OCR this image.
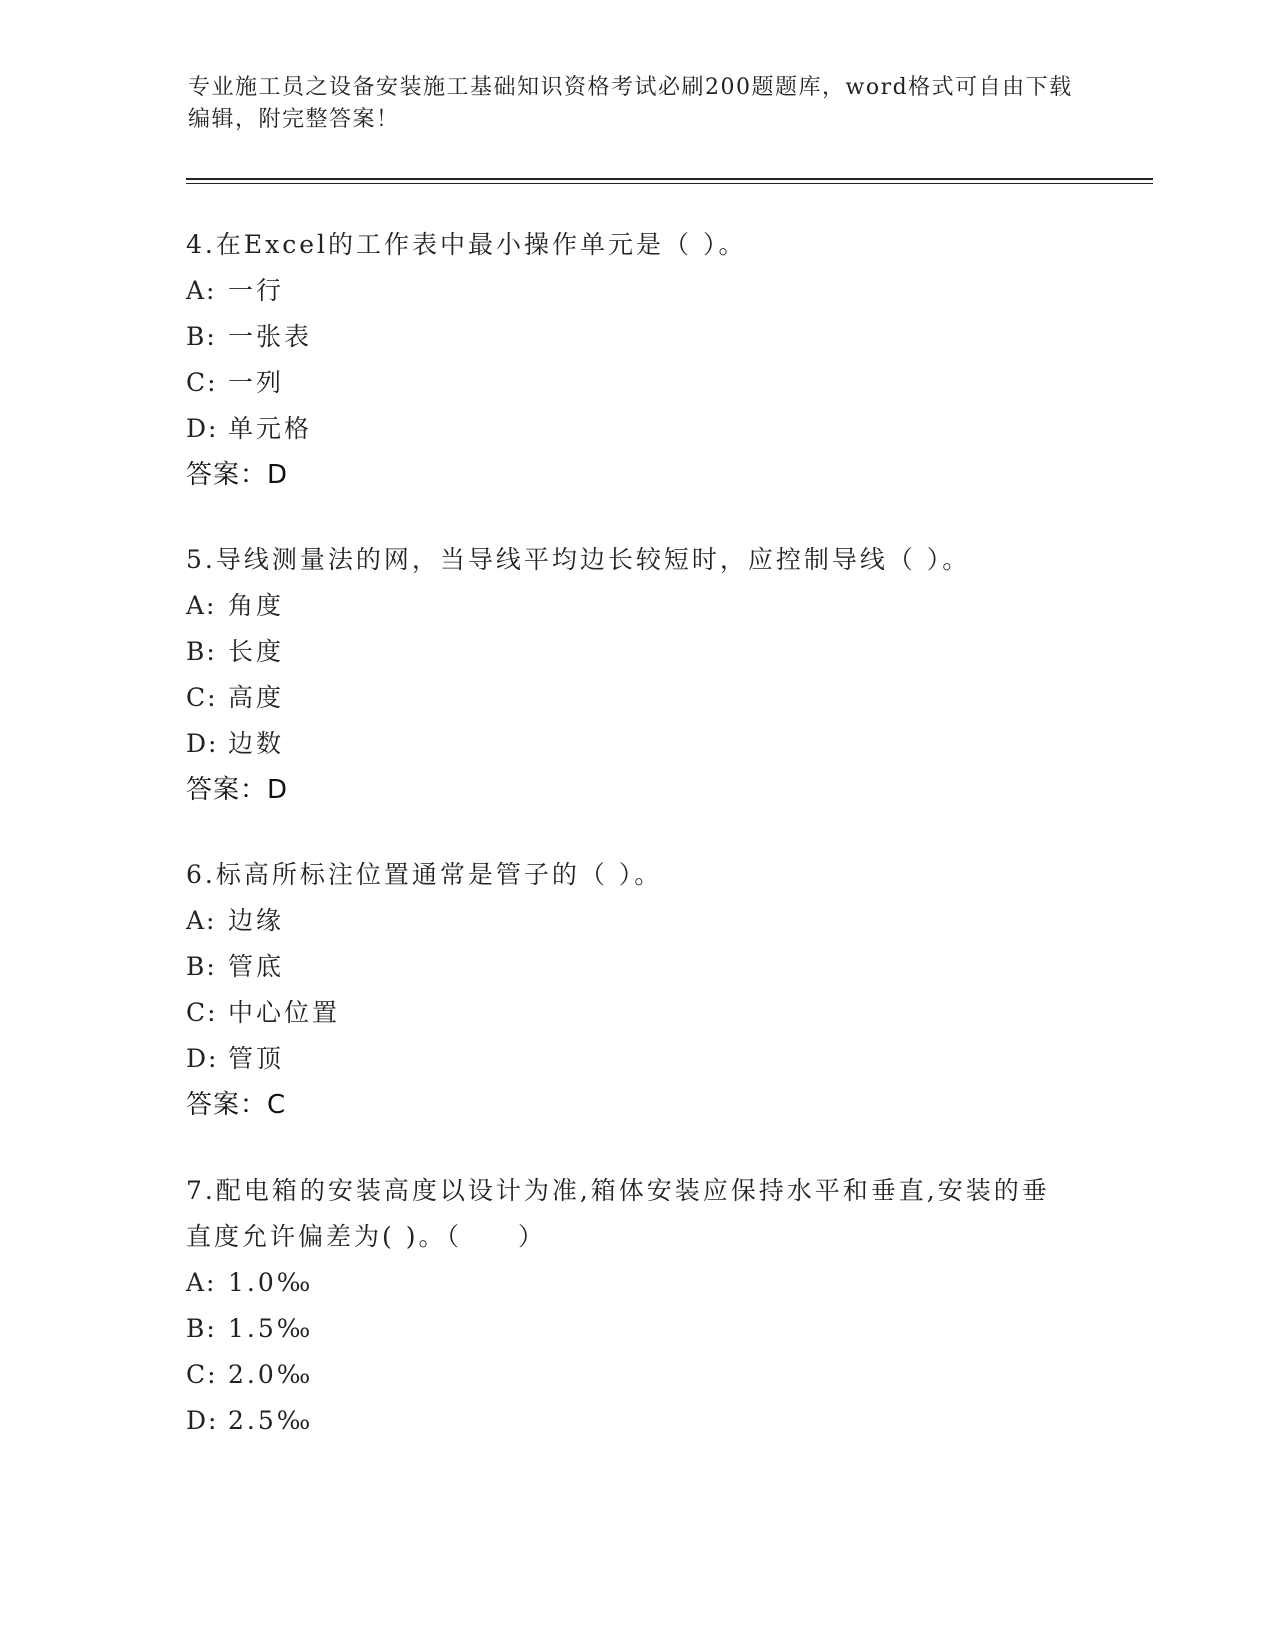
专业施工员之设备安装施工基础知识资格考试必刷200题题库，word格式可自由下载编辑，附完整答案！
4.在Excel的工作表中最小操作单元是（ ）。
A: 一行
B: 一张表
C: 一列
D: 单元格
答案：D
5.导线测量法的网，当导线平均边长较短时，应控制导线（ ）。
A: 角度
B: 长度
C: 高度
D: 边数
答案：D
6.标高所标注位置通常是管子的（ ）。
A: 边缘
B: 管底
C: 中心位置
D: 管顶
答案：C
7.配电箱的安装高度以设计为准,箱体安装应保持水平和垂直,安装的垂直度允许偏差为( )。（　　）
A: 1.0‰
B: 1.5‰
C: 2.0‰
D: 2.5‰
